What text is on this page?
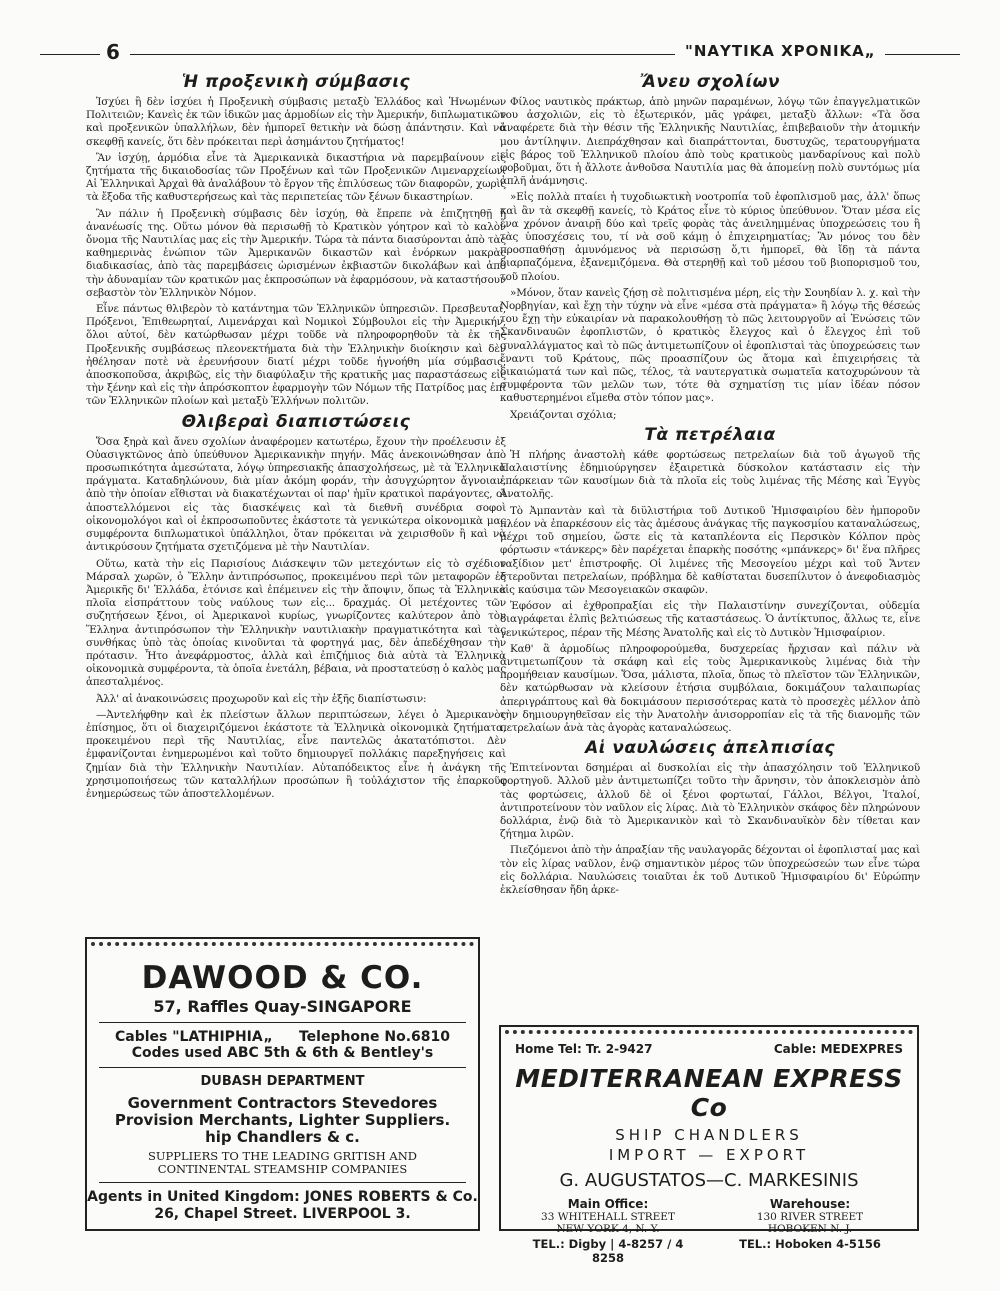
6	"ΝΑΥΤΙΚΑ ΧΡΟΝΙΚΑ„
Ἡ προξενικὴ σύμβασις

Ἰσχύει ἢ δὲν ἰσχύει ἡ Προξενικὴ σύμβασις μεταξὺ Ἑλλάδος καὶ Ἡνωμένων Πολιτειῶν; Κανεὶς ἐκ τῶν ἰδικῶν μας ἁρμοδίων εἰς τὴν Ἀμερικήν, διπλωματικῶν καὶ προξενικῶν ὑπαλλήλων, δὲν ἠμπορεῖ θετικὴν νὰ δώσῃ ἀπάντησιν. Καὶ νὰ σκεφθῇ κανείς, ὅτι δὲν πρόκειται περὶ ἀσημάντου ζητήματος!

Ἂν ἰσχύῃ, ἁρμόδια εἶνε τὰ Ἀμερικανικὰ δικαστήρια νὰ παρεμβαίνουν εἰς ζητήματα τῆς δικαιοδοσίας τῶν Προξένων καὶ τῶν Προξενικῶν Λιμεναρχείων. Αἱ Ἑλληνικαὶ Ἀρχαὶ θὰ ἀναλάβουν τὸ ἔργον τῆς ἐπιλύσεως τῶν διαφορῶν, χωρὶς τὰ ἔξοδα τῆς καθυστερήσεως καὶ τὰς περιπετείας τῶν ξένων δικαστηρίων.

Ἂν πάλιν ἡ Προξενικὴ σύμβασις δὲν ἰσχύῃ, θὰ ἔπρεπε νὰ ἐπιζητηθῇ ἡ ἀνανέωσίς της. Οὕτω μόνον θὰ περισωθῇ τὸ Κρατικὸν γόητρον καὶ τὸ καλὸν ὄνομα τῆς Ναυτιλίας μας εἰς τὴν Ἀμερικήν. Τώρα τὰ πάντα διασύρονται ἀπὸ τὰς καθημερινὰς ἐνώπιον τῶν Ἀμερικανῶν δικαστῶν καὶ ἐνόρκων μακρὰς διαδικασίας, ἀπὸ τὰς παρεμβάσεις ὡρισμένων ἐκβιαστῶν δικολάβων καὶ ἀπὸ τὴν ἀδυναμίαν τῶν κρατικῶν μας ἐκπροσώπων νὰ ἐφαρμόσουν, νὰ καταστήσουν σεβαστὸν τὸν Ἑλληνικὸν Νόμον.

Εἶνε πάντως θλιβερὸν τὸ κατάντημα τῶν Ἑλληνικῶν ὑπηρεσιῶν. Πρεσβευταί, Πρόξενοι, Ἐπιθεωρηταί, Λιμενάρχαι καὶ Νομικοὶ Σύμβουλοι εἰς τὴν Ἀμερικήν, ὅλοι αὐτοί, δὲν κατώρθωσαν μέχρι τοῦδε νὰ πληροφορηθοῦν τὰ ἐκ τῆς Προξενικῆς συμβάσεως πλεονεκτήματα διὰ τὴν Ἑλληνικὴν διοίκησιν καὶ δὲν ἠθέλησαν ποτὲ νὰ ἐρευνήσουν διατί μέχρι τοῦδε ἠγνοήθη μία σύμβασις, ἀποσκοποῦσα, ἀκριβῶς, εἰς τὴν διαφύλαξιν τῆς κρατικῆς μας παραστάσεως εἰς τὴν ξένην καὶ εἰς τὴν ἀπρόσκοπτον ἐφαρμογὴν τῶν Νόμων τῆς Πατρίδος μας ἐπὶ τῶν Ἑλληνικῶν πλοίων καὶ μεταξὺ Ἑλλήνων πολιτῶν.

Θλιβεραὶ διαπιστώσεις

Ὅσα ξηρὰ καὶ ἄνευ σχολίων ἀναφέρομεν κατωτέρω, ἔχουν τὴν προέλευσιν ἐξ Οὐασιγκτῶνος ἀπὸ ὑπεύθυνον Ἀμερικανικὴν πηγήν. Μᾶς ἀνεκοινώθησαν ἀπὸ προσωπικότητα ἀμεσώτατα, λόγῳ ὑπηρεσιακῆς ἀπασχολήσεως, μὲ τὰ Ἑλληνικὰ πράγματα. Καταδηλώνουν, διὰ μίαν ἀκόμη φοράν, τὴν ἀσυγχώρητον ἄγνοιαν, ἀπὸ τὴν ὁποίαν εἴθισται νὰ διακατέχωνται οἱ παρ' ἡμῖν κρατικοὶ παράγοντες, οἱ ἀποστελλόμενοι εἰς τὰς διασκέψεις καὶ τὰ διεθνῆ συνέδρια σοφοὶ οἰκονομολόγοι καὶ οἱ ἐκπροσωποῦντες ἑκάστοτε τὰ γενικώτερα οἰκονομικὰ μας συμφέροντα διπλωματικοὶ ὑπάλληλοι, ὅταν πρόκειται νὰ χειρισθοῦν ἢ καὶ νὰ ἀντικρύσουν ζητήματα σχετιζόμενα μὲ τὴν Ναυτιλίαν.

Οὕτω, κατὰ τὴν εἰς Παρισίους Διάσκεψιν τῶν μετεχόντων εἰς τὸ σχέδιον Μάρσαλ χωρῶν, ὁ Ἕλλην ἀντιπρόσωπος, προκειμένου περὶ τῶν μεταφορῶν ἐξ Ἀμερικῆς δι' Ἑλλάδα, ἐτόνισε καὶ ἐπέμεινεν εἰς τὴν ἄποψιν, ὅπως τὰ Ἑλληνικὰ πλοῖα εἰσπράττουν τοὺς ναύλους των εἰς... δραχμάς. Οἱ μετέχοντες τῶν συζητήσεων ξένοι, οἱ Ἀμερικανοὶ κυρίως, γνωρίζοντες καλύτερον ἀπὸ τὸν Ἕλληνα ἀντιπρόσωπον τὴν Ἑλληνικὴν ναυτιλιακὴν πραγματικότητα καὶ τὰς συνθήκας ὑπὸ τὰς ὁποίας κινοῦνται τὰ φορτηγά μας, δὲν ἀπεδέχθησαν τὴν πρότασιν. Ἦτο ἀνεφάρμοστος, ἀλλὰ καὶ ἐπιζήμιος διὰ αὐτὰ τὰ Ἑλληνικὰ οἰκονομικὰ συμφέροντα, τὰ ὁποῖα ἐνετάλη, βέβαια, νὰ προστατεύσῃ ὁ καλὸς μας ἀπεσταλμένος.

Ἀλλ' αἱ ἀνακοινώσεις προχωροῦν καὶ εἰς τὴν ἑξῆς διαπίστωσιν:

—Ἀντελήφθην καὶ ἐκ πλείστων ἄλλων περιπτώσεων, λέγει ὁ Ἀμερικανὸς ἐπίσημος, ὅτι οἱ διαχειριζόμενοι ἑκάστοτε τὰ Ἑλληνικὰ οἰκονομικὰ ζητήματα, προκειμένου περὶ τῆς Ναυτιλίας, εἶνε παντελῶς ἀκατατόπιστοι. Δὲν ἐμφανίζονται ἐνημερωμένοι καὶ τοῦτο δημιουργεῖ πολλάκις παρεξηγήσεις καὶ ζημίαν διὰ τὴν Ἑλληνικὴν Ναυτιλίαν. Αὐταπόδεικτος εἶνε ἡ ἀνάγκη τῆς χρησιμοποιήσεως τῶν καταλλήλων προσώπων ἢ τοὐλάχιστον τῆς ἐπαρκοῦς ἐνημερώσεως τῶν ἀποστελλομένων.

Ἄνευ σχολίων

Φίλος ναυτικὸς πράκτωρ, ἀπὸ μηνῶν παραμένων, λόγῳ τῶν ἐπαγγελματικῶν του ἀσχολιῶν, εἰς τὸ ἐξωτερικόν, μᾶς γράφει, μεταξὺ ἄλλων: «Τὰ ὅσα ἀναφέρετε διὰ τὴν θέσιν τῆς Ἑλληνικῆς Ναυτιλίας, ἐπιβεβαιοῦν τὴν ἀτομικήν μου ἀντίληψιν. Διεπράχθησαν καὶ διαπράττονται, δυστυχῶς, τερατουργήματα εἰς βάρος τοῦ Ἑλληνικοῦ πλοίου ἀπὸ τοὺς κρατικοὺς μανδαρίνους καὶ πολὺ φοβοῦμαι, ὅτι ἡ ἄλλοτε ἀνθοῦσα Ναυτιλία μας θὰ ἀπομείνῃ πολὺ συντόμως μία ἁπλῆ ἀνάμνησις.

»Εἰς πολλὰ πταίει ἡ τυχοδιωκτικὴ νοοτροπία τοῦ ἐφοπλισμοῦ μας, ἀλλ' ὅπως καὶ ἂν τὰ σκεφθῇ κανείς, τὸ Κράτος εἶνε τὸ κύριος ὑπεύθυνον. Ὅταν μέσα εἰς ἕνα χρόνον ἀναιρῇ δύο καὶ τρεῖς φορὰς τὰς ἀνειλημμένας ὑποχρεώσεις του ἢ τὰς ὑποσχέσεις του, τί νὰ σοῦ κάμῃ ὁ ἐπιχειρηματίας; Ἂν μόνος του δὲν προσπαθήσῃ ἀμυνόμενος νὰ περισώσῃ ὅ,τι ἠμπορεῖ, θὰ ἴδῃ τὰ πάντα διαρπαζόμενα, ἐξανεμιζόμενα. Θὰ στερηθῇ καὶ τοῦ μέσου τοῦ βιοπορισμοῦ του, τοῦ πλοίου.

»Μόνον, ὅταν κανεὶς ζήσῃ σὲ πολιτισμένα μέρη, εἰς τὴν Σουηδίαν λ. χ. καὶ τὴν Νορβηγίαν, καὶ ἔχῃ τὴν τύχην νὰ εἶνε «μέσα στὰ πράγματα» ἢ λόγῳ τῆς θέσεώς του ἔχῃ τὴν εὐκαιρίαν νὰ παρακολουθήσῃ τὸ πῶς λειτουργοῦν αἱ Ἑνώσεις τῶν Σκανδιναυῶν ἐφοπλιστῶν, ὁ κρατικὸς ἔλεγχος καὶ ὁ ἔλεγχος ἐπὶ τοῦ συναλλάγματος καὶ τὸ πῶς ἀντιμετωπίζουν οἱ ἐφοπλισταὶ τὰς ὑποχρεώσεις των ἔναντι τοῦ Κράτους, πῶς προασπίζουν ὡς ἄτομα καὶ ἐπιχειρήσεις τὰ δικαιώματά των καὶ πῶς, τέλος, τὰ ναυτεργατικὰ σωματεῖα κατοχυρώνουν τὰ συμφέροντα τῶν μελῶν των, τότε θὰ σχηματίσῃ τις μίαν ἰδέαν πόσον καθυστερημένοι εἴμεθα στὸν τόπον μας».

Χρειάζονται σχόλια;

Τὰ πετρέλαια

Ἡ πλήρης ἀναστολὴ κάθε φορτώσεως πετρελαίων διὰ τοῦ ἀγωγοῦ τῆς Παλαιστίνης ἐδημιούργησεν ἐξαιρετικὰ δύσκολον κατάστασιν εἰς τὴν ἐπάρκειαν τῶν καυσίμων διὰ τὰ πλοῖα εἰς τοὺς λιμένας τῆς Μέσης καὶ Ἐγγὺς Ἀνατολῆς.

Τὸ Ἀμπαντὰν καὶ τὰ διϋλιστήρια τοῦ Δυτικοῦ Ἡμισφαιρίου δὲν ἠμποροῦν πλέον νὰ ἐπαρκέσουν εἰς τὰς ἀμέσους ἀνάγκας τῆς παγκοσμίου καταναλώσεως, μέχρι τοῦ σημείου, ὥστε εἰς τὰ καταπλέοντα εἰς Περσικὸν Κόλπον πρὸς φόρτωσιν «τάνκερς» δὲν παρέχεται ἐπαρκὴς ποσότης «μπάνκερς» δι' ἕνα πλῆρες ταξίδιον μετ' ἐπιστροφῆς. Οἱ λιμένες τῆς Μεσογείου μέχρι καὶ τοῦ Ἄντεν στεροῦνται πετρελαίων, πρόβλημα δὲ καθίσταται δυσεπίλυτον ὁ ἀνεφοδιασμὸς εἰς καύσιμα τῶν Μεσογειακῶν σκαφῶν.

Ἐφόσον αἱ ἐχθροπραξίαι εἰς τὴν Παλαιστίνην συνεχίζονται, οὐδεμία διαγράφεται ἐλπὶς βελτιώσεως τῆς καταστάσεως. Ὁ ἀντίκτυπος, ἄλλως τε, εἶνε γενικώτερος, πέραν τῆς Μέσης Ἀνατολῆς καὶ εἰς τὸ Δυτικὸν Ἡμισφαίριον.

Καθ' ἃ ἁρμοδίως πληροφορούμεθα, δυσχερείας ἤρχισαν καὶ πάλιν νὰ ἀντιμετωπίζουν τὰ σκάφη καὶ εἰς τοὺς Ἀμερικανικοὺς λιμένας διὰ τὴν προμήθειαν καυσίμων. Ὅσα, μάλιστα, πλοῖα, ὅπως τὸ πλεῖστον τῶν Ἑλληνικῶν, δὲν κατώρθωσαν νὰ κλείσουν ἐτήσια συμβόλαια, δοκιμάζουν ταλαιπωρίας ἀπεριγράπτους καὶ θὰ δοκιμάσουν περισσότερας κατὰ τὸ προσεχὲς μέλλον ἀπὸ τὴν δημιουργηθεῖσαν εἰς τὴν Ἀνατολὴν ἀνισορροπίαν εἰς τὰ τῆς διανομῆς τῶν πετρελαίων ἀνὰ τὰς ἀγορὰς καταναλώσεως.

Αἱ ναυλώσεις ἀπελπισίας

Ἐπιτείνονται δσημέραι αἱ δυσκολίαι εἰς τὴν ἀπασχόλησιν τοῦ Ἑλληνικοῦ φορτηγοῦ. Ἀλλοῦ μὲν ἀντιμετωπίζει τοῦτο τὴν ἄρνησιν, τὸν ἀποκλεισμὸν ἀπὸ τὰς φορτώσεις, ἀλλοῦ δὲ οἱ ξένοι φορτωταί, Γάλλοι, Βέλγοι, Ἰταλοί, ἀντιπροτείνουν τὸν ναῦλον εἰς λίρας. Διὰ τὸ Ἑλληνικὸν σκάφος δὲν πληρώνουν δολλάρια, ἐνῷ διὰ τὸ Ἀμερικανικὸν καὶ τὸ Σκανδιναυϊκὸν δὲν τίθεται καν ζήτημα λιρῶν.

Πιεζόμενοι ἀπὸ τὴν ἀπραξίαν τῆς ναυλαγορᾶς δέχονται οἱ ἐφοπλισταί μας καὶ τὸν εἰς λίρας ναῦλον, ἐνῷ σημαντικὸν μέρος τῶν ὑποχρεώσεών των εἶνε τώρα εἰς δολλάρια. Ναυλώσεις τοιαῦται ἐκ τοῦ Δυτικοῦ Ἡμισφαιρίου δι' Εὐρώπην ἐκλείσθησαν ἤδη ἀρκε-

DAWOOD & CO.
57, Raffles Quay-SINGAPORE
Cables "LATHIPHIA„ Telephone No.6810
Codes used ABC 5th & 6th & Bentley's
DUBASH DEPARTMENT
Government Contractors Stevedores
Provision Merchants, Lighter Suppliers.
hip Chandlers & c.
SUPPLIERS TO THE LEADING GRITISH AND
CONTINENTAL STEAMSHIP COMPANIES
Agents in United Kingdom: JONES ROBERTS & Co.
26, Chapel Street. LIVERPOOL 3.
Home Tel: Tr. 2-9427	Cable: MEDEXPRES
MEDITERRANEAN EXPRESS Co
SHIP CHANDLERS
IMPORT — EXPORT
G. AUGUSTATOS—C. MARKESINIS
Main Office:
33 WHITEHALL STREET
NEW YORK 4, N. Y.
TEL.: Digby | 4-8257 / 4 8258
Warehouse:
130 RIVER STREET
HOBOKEN N. J.
TEL.: Hoboken 4-5156
